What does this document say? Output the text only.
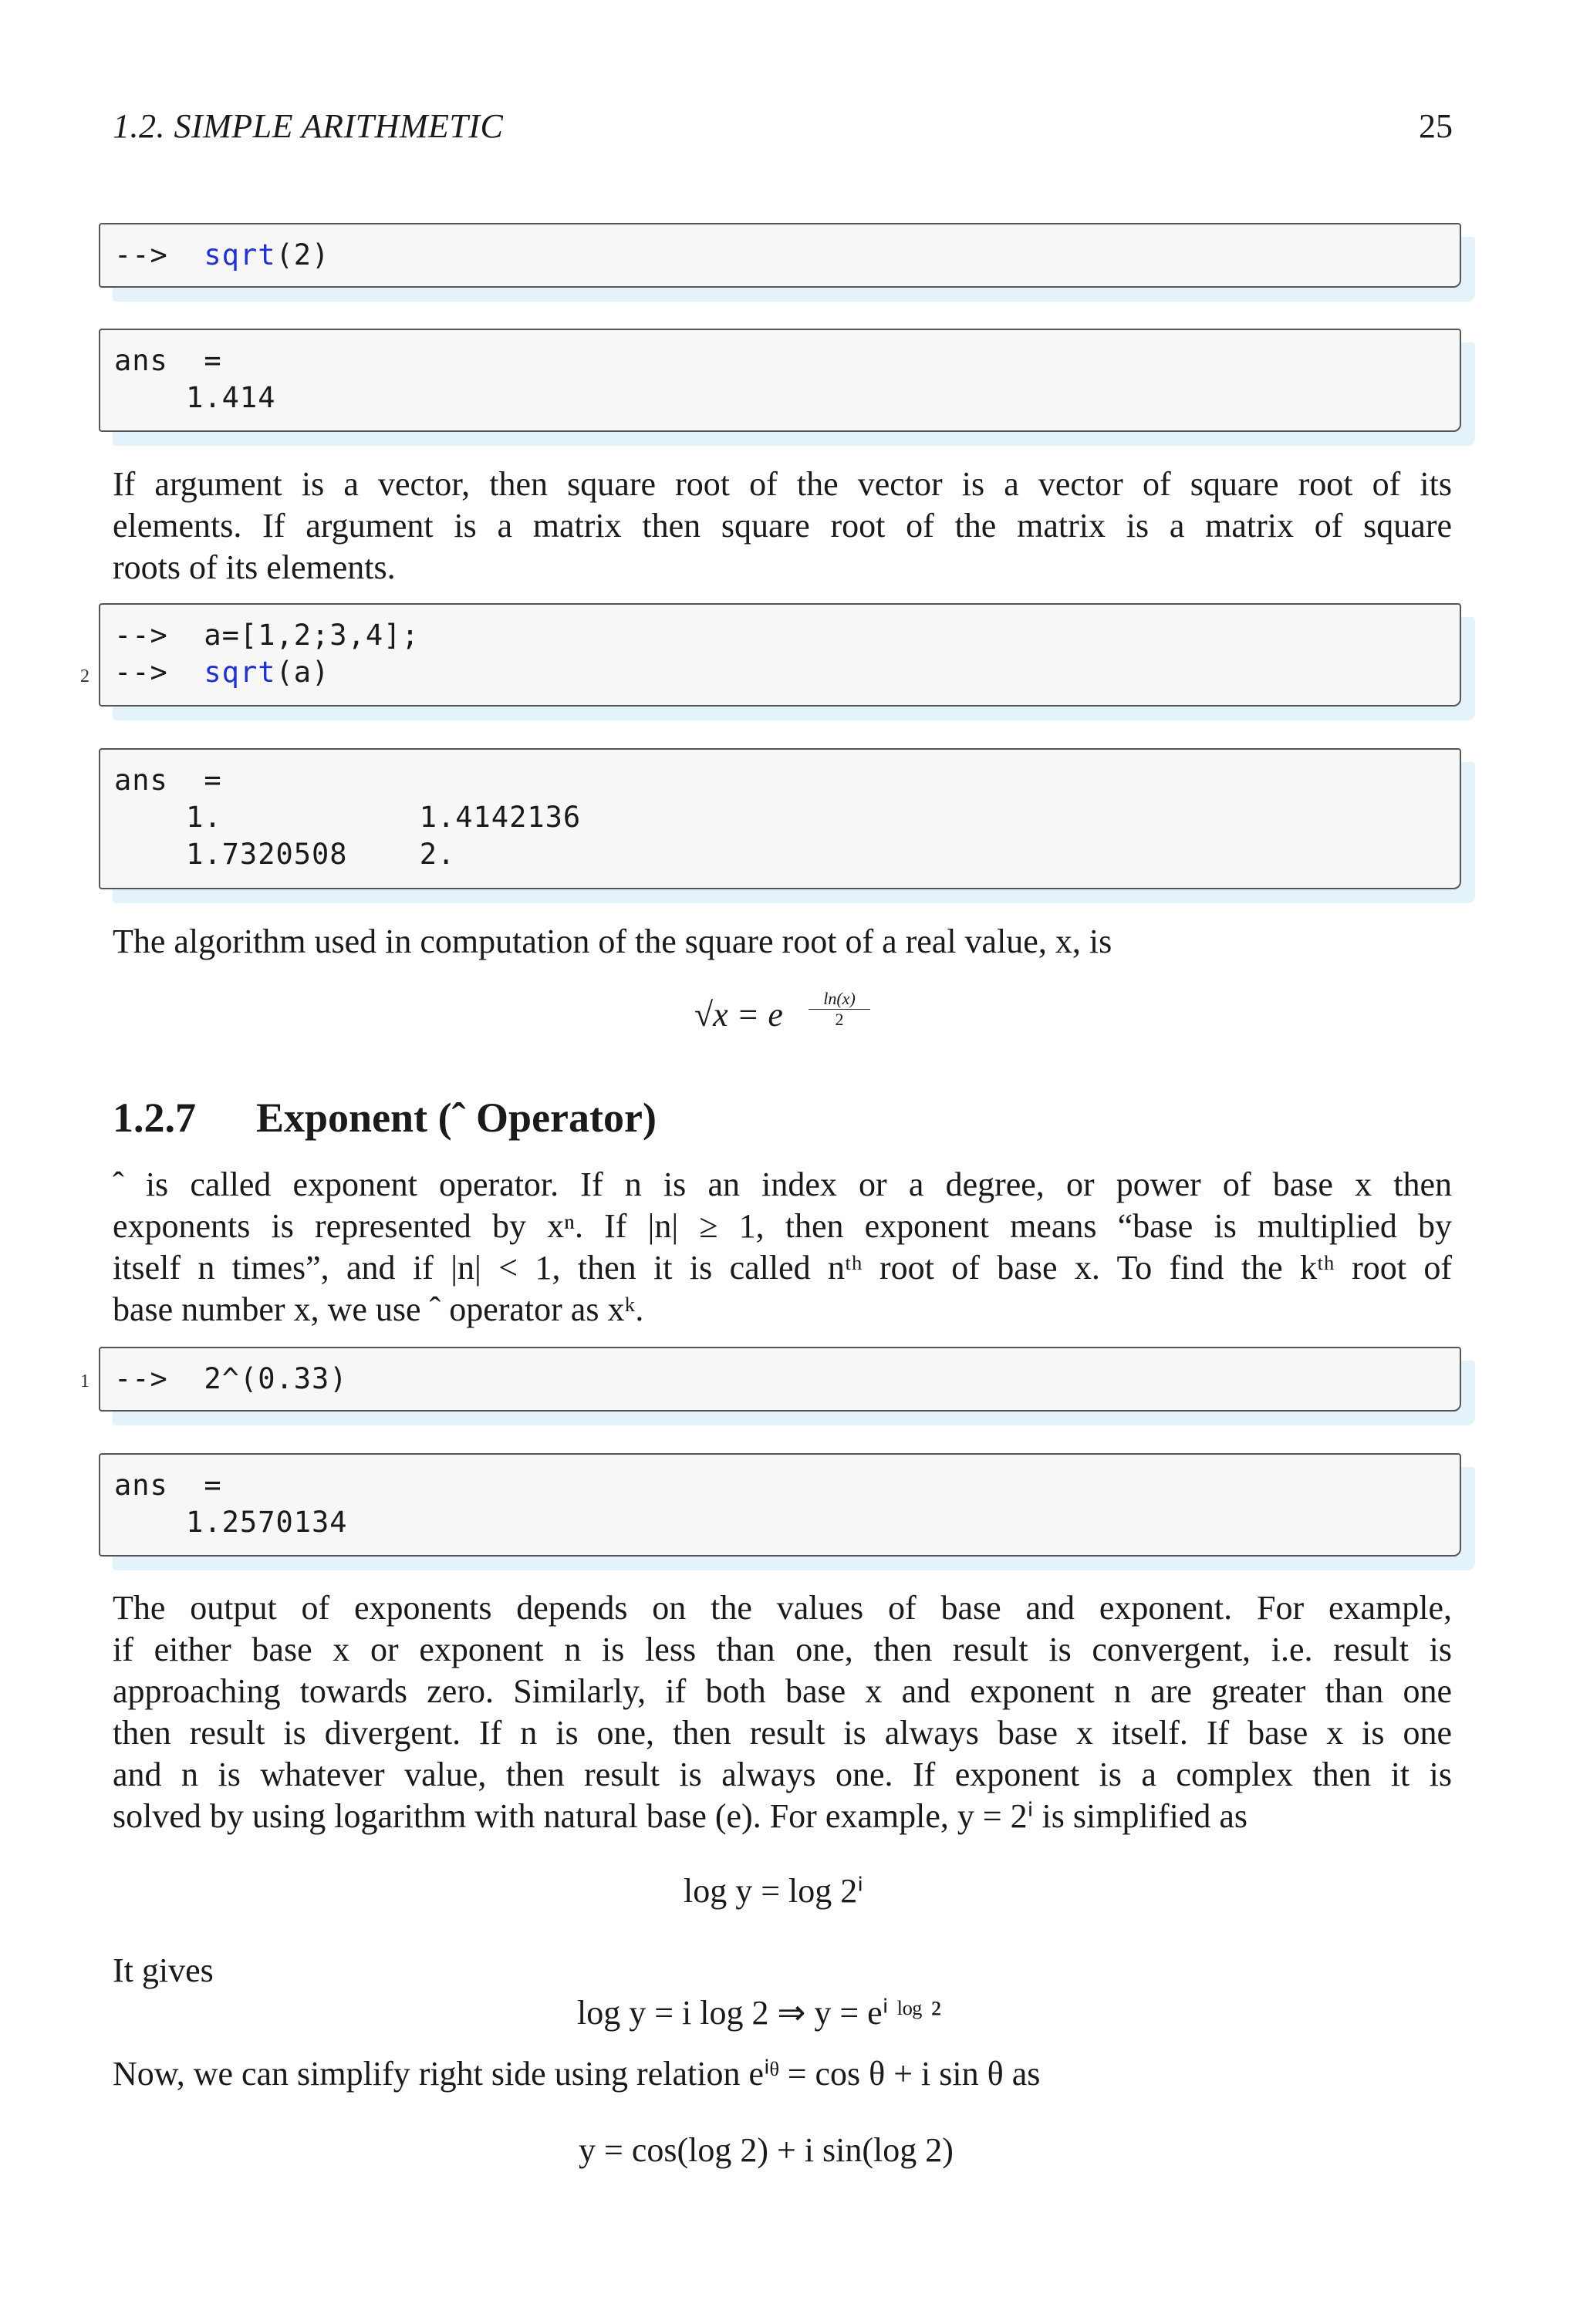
1.2. SIMPLE ARITHMETIC	25
--> sqrt(2)
ans  =
1.414
If argument is a vector, then square root of the vector is a vector of square root of its
elements. If argument is a matrix then square root of the matrix is a matrix of square
roots of its elements.
-->  a=[1,2;3,4];
--> sqrt(a)
2
ans  =
1.           1.4142136
1.7320508    2.
The algorithm used in computation of the square root of a real value, x, is
√x = e $\frac{\ln(x)}{2}$
1.2.7 Exponent (ˆ Operator)
ˆ is called exponent operator. If n is an index or a degree, or power of base x then
exponents is represented by xⁿ. If |n| ≥ 1, then exponent means “base is multiplied by
itself n times”, and if |n| < 1, then it is called nᵗʰ root of base x. To find the kᵗʰ root of
base number x, we use ˆ operator as xᵏ.
-->  2^(0.33)
1
ans  =
1.2570134
The output of exponents depends on the values of base and exponent. For example,
if either base x or exponent n is less than one, then result is convergent, i.e. result is
approaching towards zero. Similarly, if both base x and exponent n are greater than one
then result is divergent. If n is one, then result is always base x itself. If base x is one
and n is whatever value, then result is always one. If exponent is a complex then it is
solved by using logarithm with natural base (e). For example, y = 2ⁱ is simplified as
log y = log 2ⁱ
It gives
log y = i log 2 ⇒ y = eⁱ ˡᵒᵍ ²
Now, we can simplify right side using relation eⁱᶿ = cos θ + i sin θ as
y = cos(log 2) + i sin(log 2)
